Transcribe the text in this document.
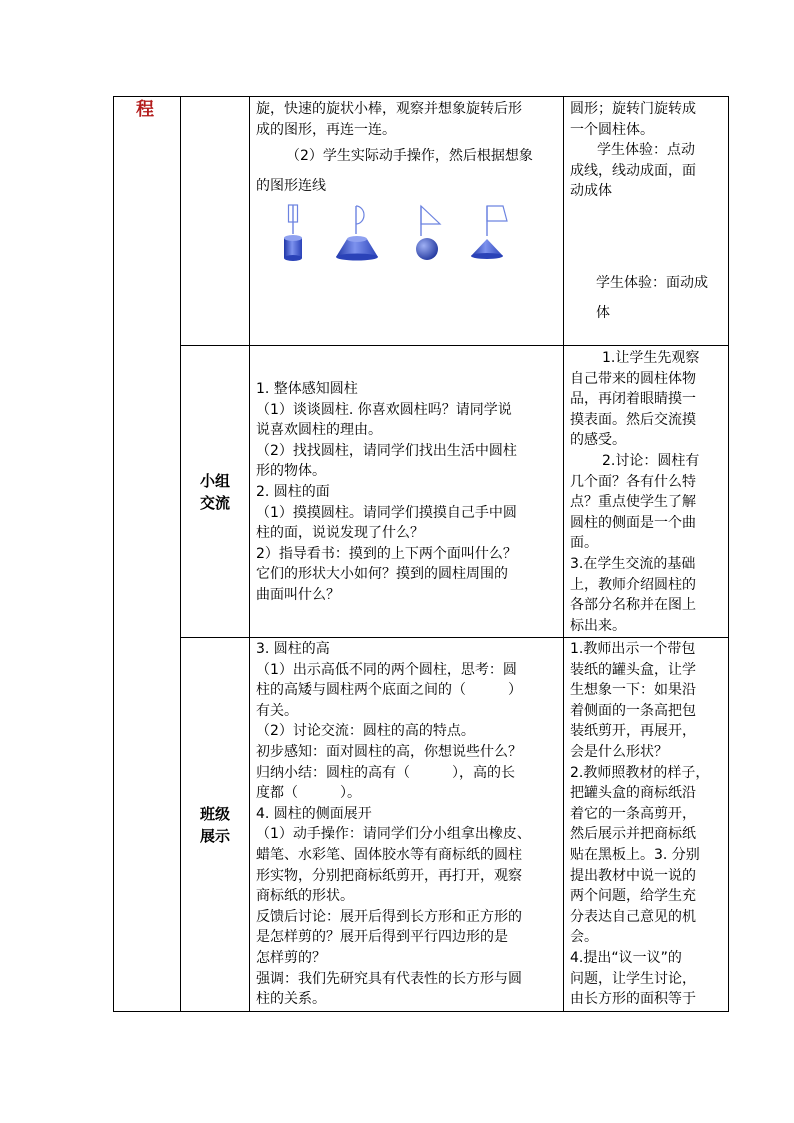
程	旋，快速的旋状小棒，观察并想象旋转后形

成的图形，再连一连。

（2）学生实际动手操作，然后根据想象

的图形连线

圆形；旋转门旋转成

一个圆柱体。

学生体验：点动

成线，线动成面，面

动成体

学生体验：面动成

体

小组
交流

1. 整体感知圆柱

（1）谈谈圆柱. 你喜欢圆柱吗？请同学说

说喜欢圆柱的理由。

（2）找找圆柱，请同学们找出生活中圆柱

形的物体。

2. 圆柱的面

（1）摸摸圆柱。请同学们摸摸自己手中圆

柱的面，说说发现了什么？

2）指导看书：摸到的上下两个面叫什么？

它们的形状大小如何？摸到的圆柱周围的

曲面叫什么？

1.让学生先观察

自己带来的圆柱体物

品，再闭着眼睛摸一

摸表面。然后交流摸

的感受。

2.讨论：圆柱有

几个面？各有什么特

点？重点使学生了解

圆柱的侧面是一个曲

面。

3.在学生交流的基础

上，教师介绍圆柱的

各部分名称并在图上

标出来。

班级
展示

3. 圆柱的高

（1）出示高低不同的两个圆柱，思考：圆

柱的高矮与圆柱两个底面之间的（　　　）

有关。

（2）讨论交流：圆柱的高的特点。

初步感知：面对圆柱的高，你想说些什么？

归纳小结：圆柱的高有（　　　），高的长

度都（　　　）。

4. 圆柱的侧面展开

（1）动手操作：请同学们分小组拿出橡皮、

蜡笔、水彩笔、固体胶水等有商标纸的圆柱

形实物，分别把商标纸剪开，再打开，观察

商标纸的形状。

反馈后讨论：展开后得到长方形和正方形的

是怎样剪的？展开后得到平行四边形的是

怎样剪的？

强调：我们先研究具有代表性的长方形与圆

柱的关系。

1.教师出示一个带包

装纸的罐头盒，让学

生想象一下：如果沿

着侧面的一条高把包

装纸剪开，再展开，

会是什么形状？

2.教师照教材的样子，

把罐头盒的商标纸沿

着它的一条高剪开，

然后展示并把商标纸

贴在黑板上。3. 分别

提出教材中说一说的

两个问题，给学生充

分表达自己意见的机

会。

4.提出“议一议”的

问题，让学生讨论，

由长方形的面积等于
